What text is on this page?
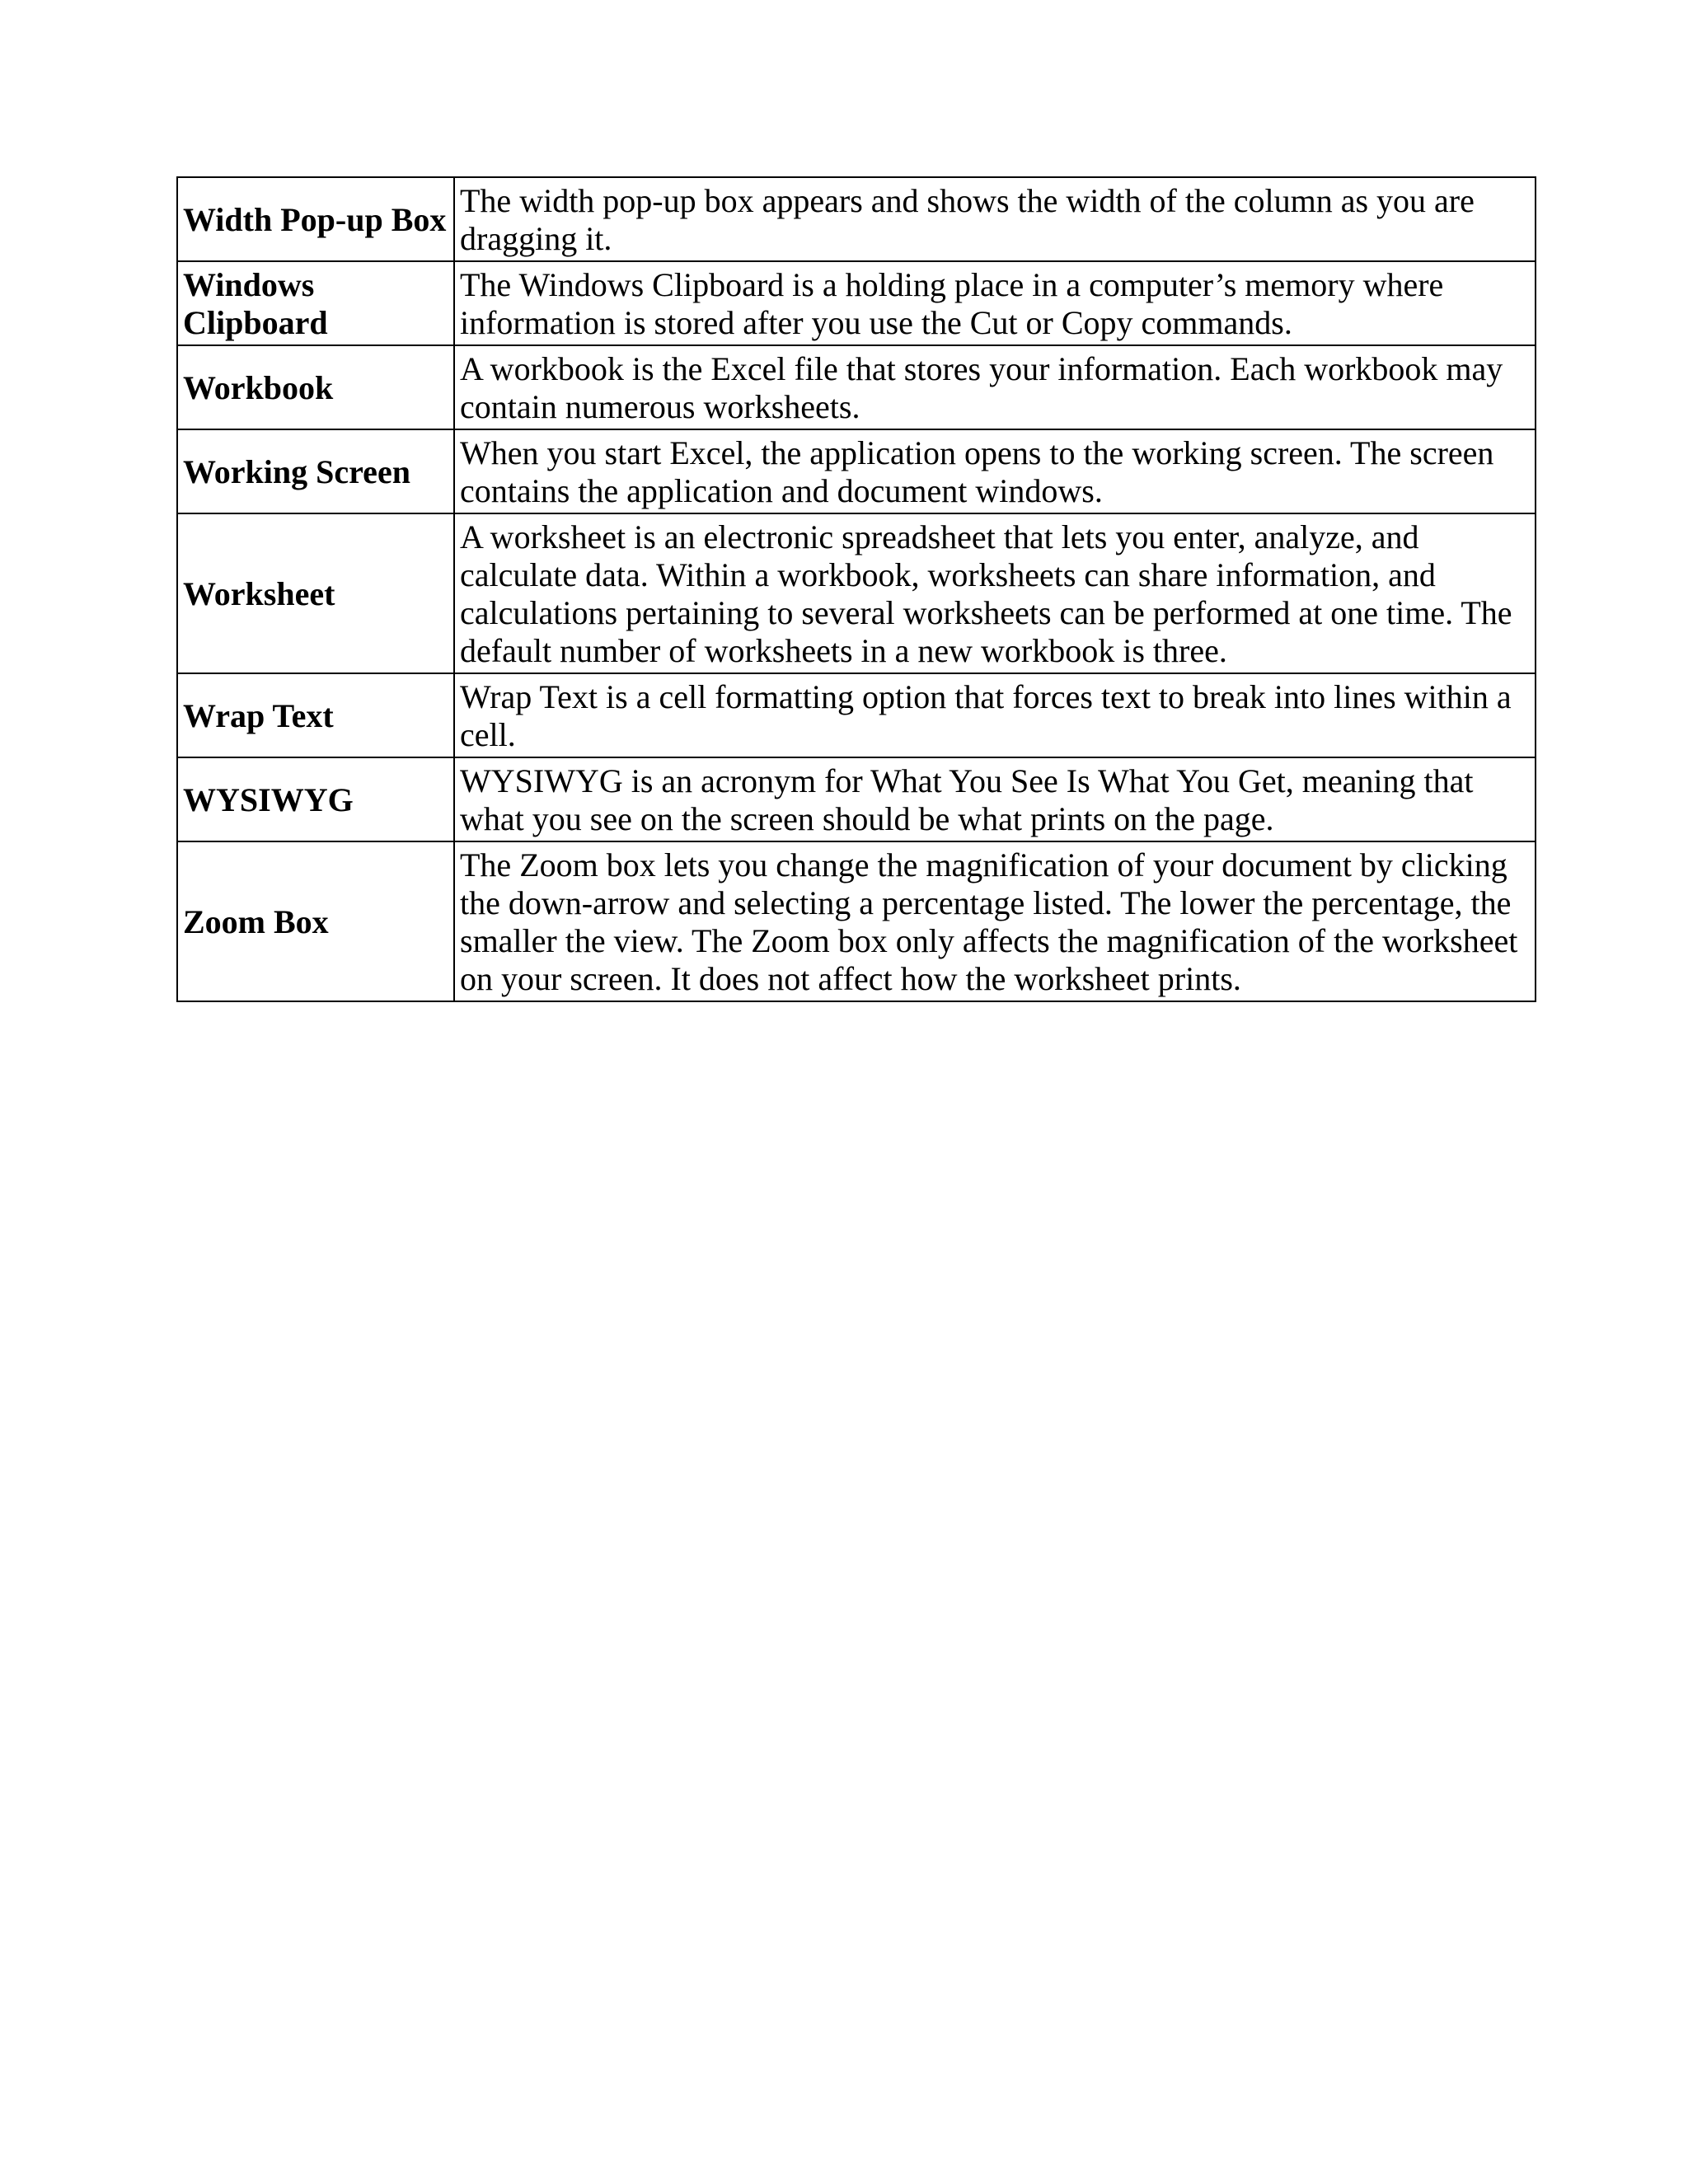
Width Pop-up Box	The width pop-up box appears and shows the width of the column as you are dragging it.
Windows Clipboard	The Windows Clipboard is a holding place in a computer’s memory where information is stored after you use the Cut or Copy commands.
Workbook	A workbook is the Excel file that stores your information. Each workbook may contain numerous worksheets.
Working Screen	When you start Excel, the application opens to the working screen. The screen contains the application and document windows.
Worksheet	A worksheet is an electronic spreadsheet that lets you enter, analyze, and calculate data. Within a workbook, worksheets can share information, and calculations pertaining to several worksheets can be performed at one time. The default number of worksheets in a new workbook is three.
Wrap Text	Wrap Text is a cell formatting option that forces text to break into lines within a cell.
WYSIWYG	WYSIWYG is an acronym for What You See Is What You Get, meaning that what you see on the screen should be what prints on the page.
Zoom Box	The Zoom box lets you change the magnification of your document by clicking the down-arrow and selecting a percentage listed. The lower the percentage, the smaller the view. The Zoom box only affects the magnification of the worksheet on your screen. It does not affect how the worksheet prints.
